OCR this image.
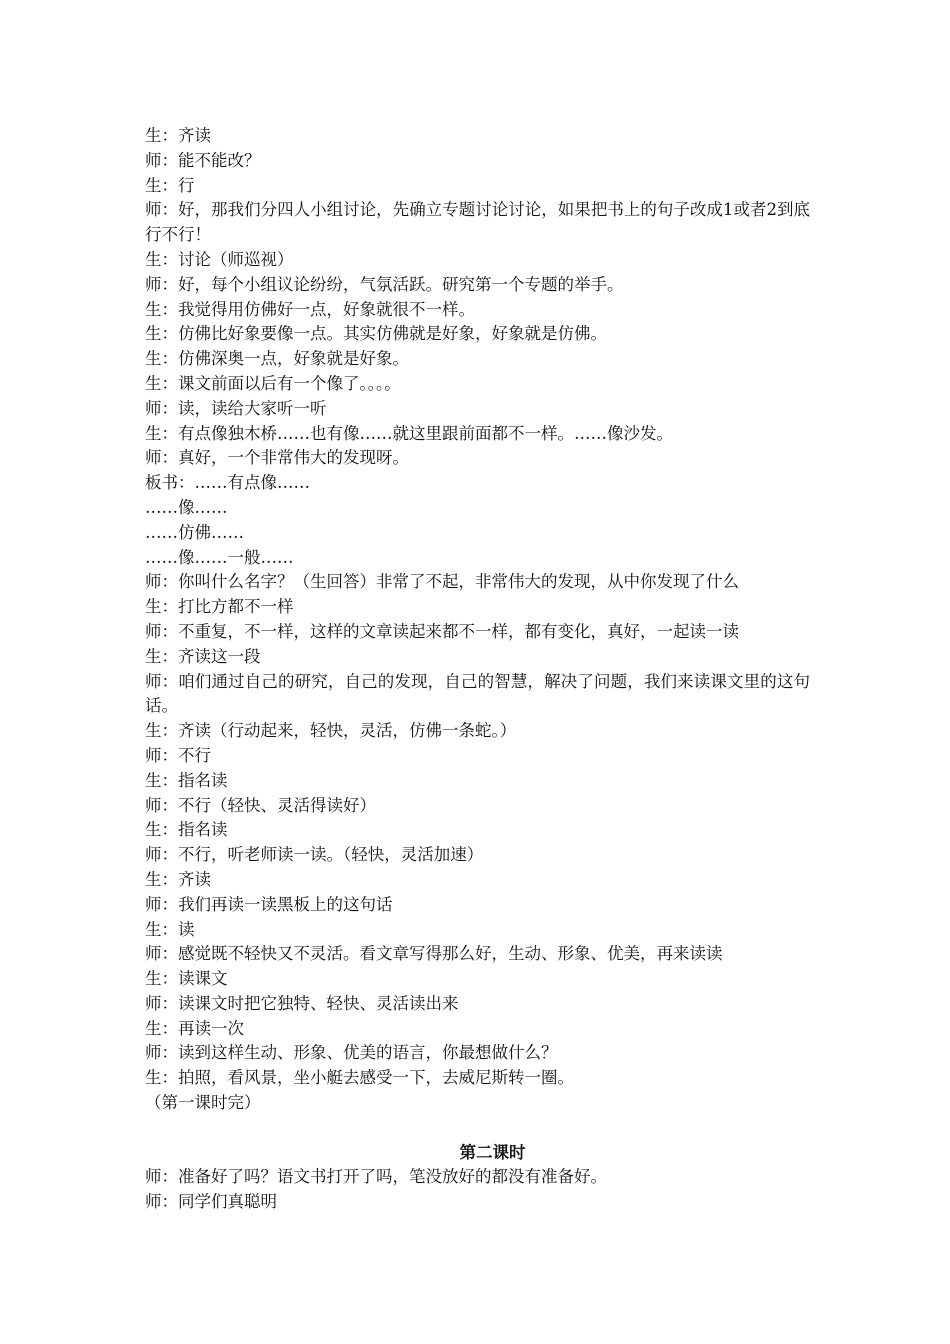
生：齐读
师：能不能改？
生：行
师：好，那我们分四人小组讨论，先确立专题讨论讨论，如果把书上的句子改成1或者2到底行不行！
生：讨论（师巡视）
师：好，每个小组议论纷纷，气氛活跃。研究第一个专题的举手。
生：我觉得用仿佛好一点，好象就很不一样。
生：仿佛比好象要像一点。其实仿佛就是好象，好象就是仿佛。
生：仿佛深奥一点，好象就是好象。
生：课文前面以后有一个像了。。。。
师：读，读给大家听一听
生：有点像独木桥……也有像……就这里跟前面都不一样。……像沙发。
师：真好，一个非常伟大的发现呀。
板书：……有点像……
……像……
……仿佛……
……像……一般……
师：你叫什么名字？（生回答）非常了不起，非常伟大的发现，从中你发现了什么
生：打比方都不一样
师：不重复，不一样，这样的文章读起来都不一样，都有变化，真好，一起读一读
生：齐读这一段
师：咱们通过自己的研究，自己的发现，自己的智慧，解决了问题，我们来读课文里的这句话。
生：齐读（行动起来，轻快，灵活，仿佛一条蛇。）
师：不行
生：指名读
师：不行（轻快、灵活得读好）
生：指名读
师：不行，听老师读一读。（轻快，灵活加速）
生：齐读
师：我们再读一读黑板上的这句话
生：读
师：感觉既不轻快又不灵活。看文章写得那么好，生动、形象、优美，再来读读
生：读课文
师：读课文时把它独特、轻快、灵活读出来
生：再读一次
师：读到这样生动、形象、优美的语言，你最想做什么？
生：拍照，看风景，坐小艇去感受一下，去威尼斯转一圈。
（第一课时完）
第二课时
师：准备好了吗？语文书打开了吗，笔没放好的都没有准备好。
师：同学们真聪明
